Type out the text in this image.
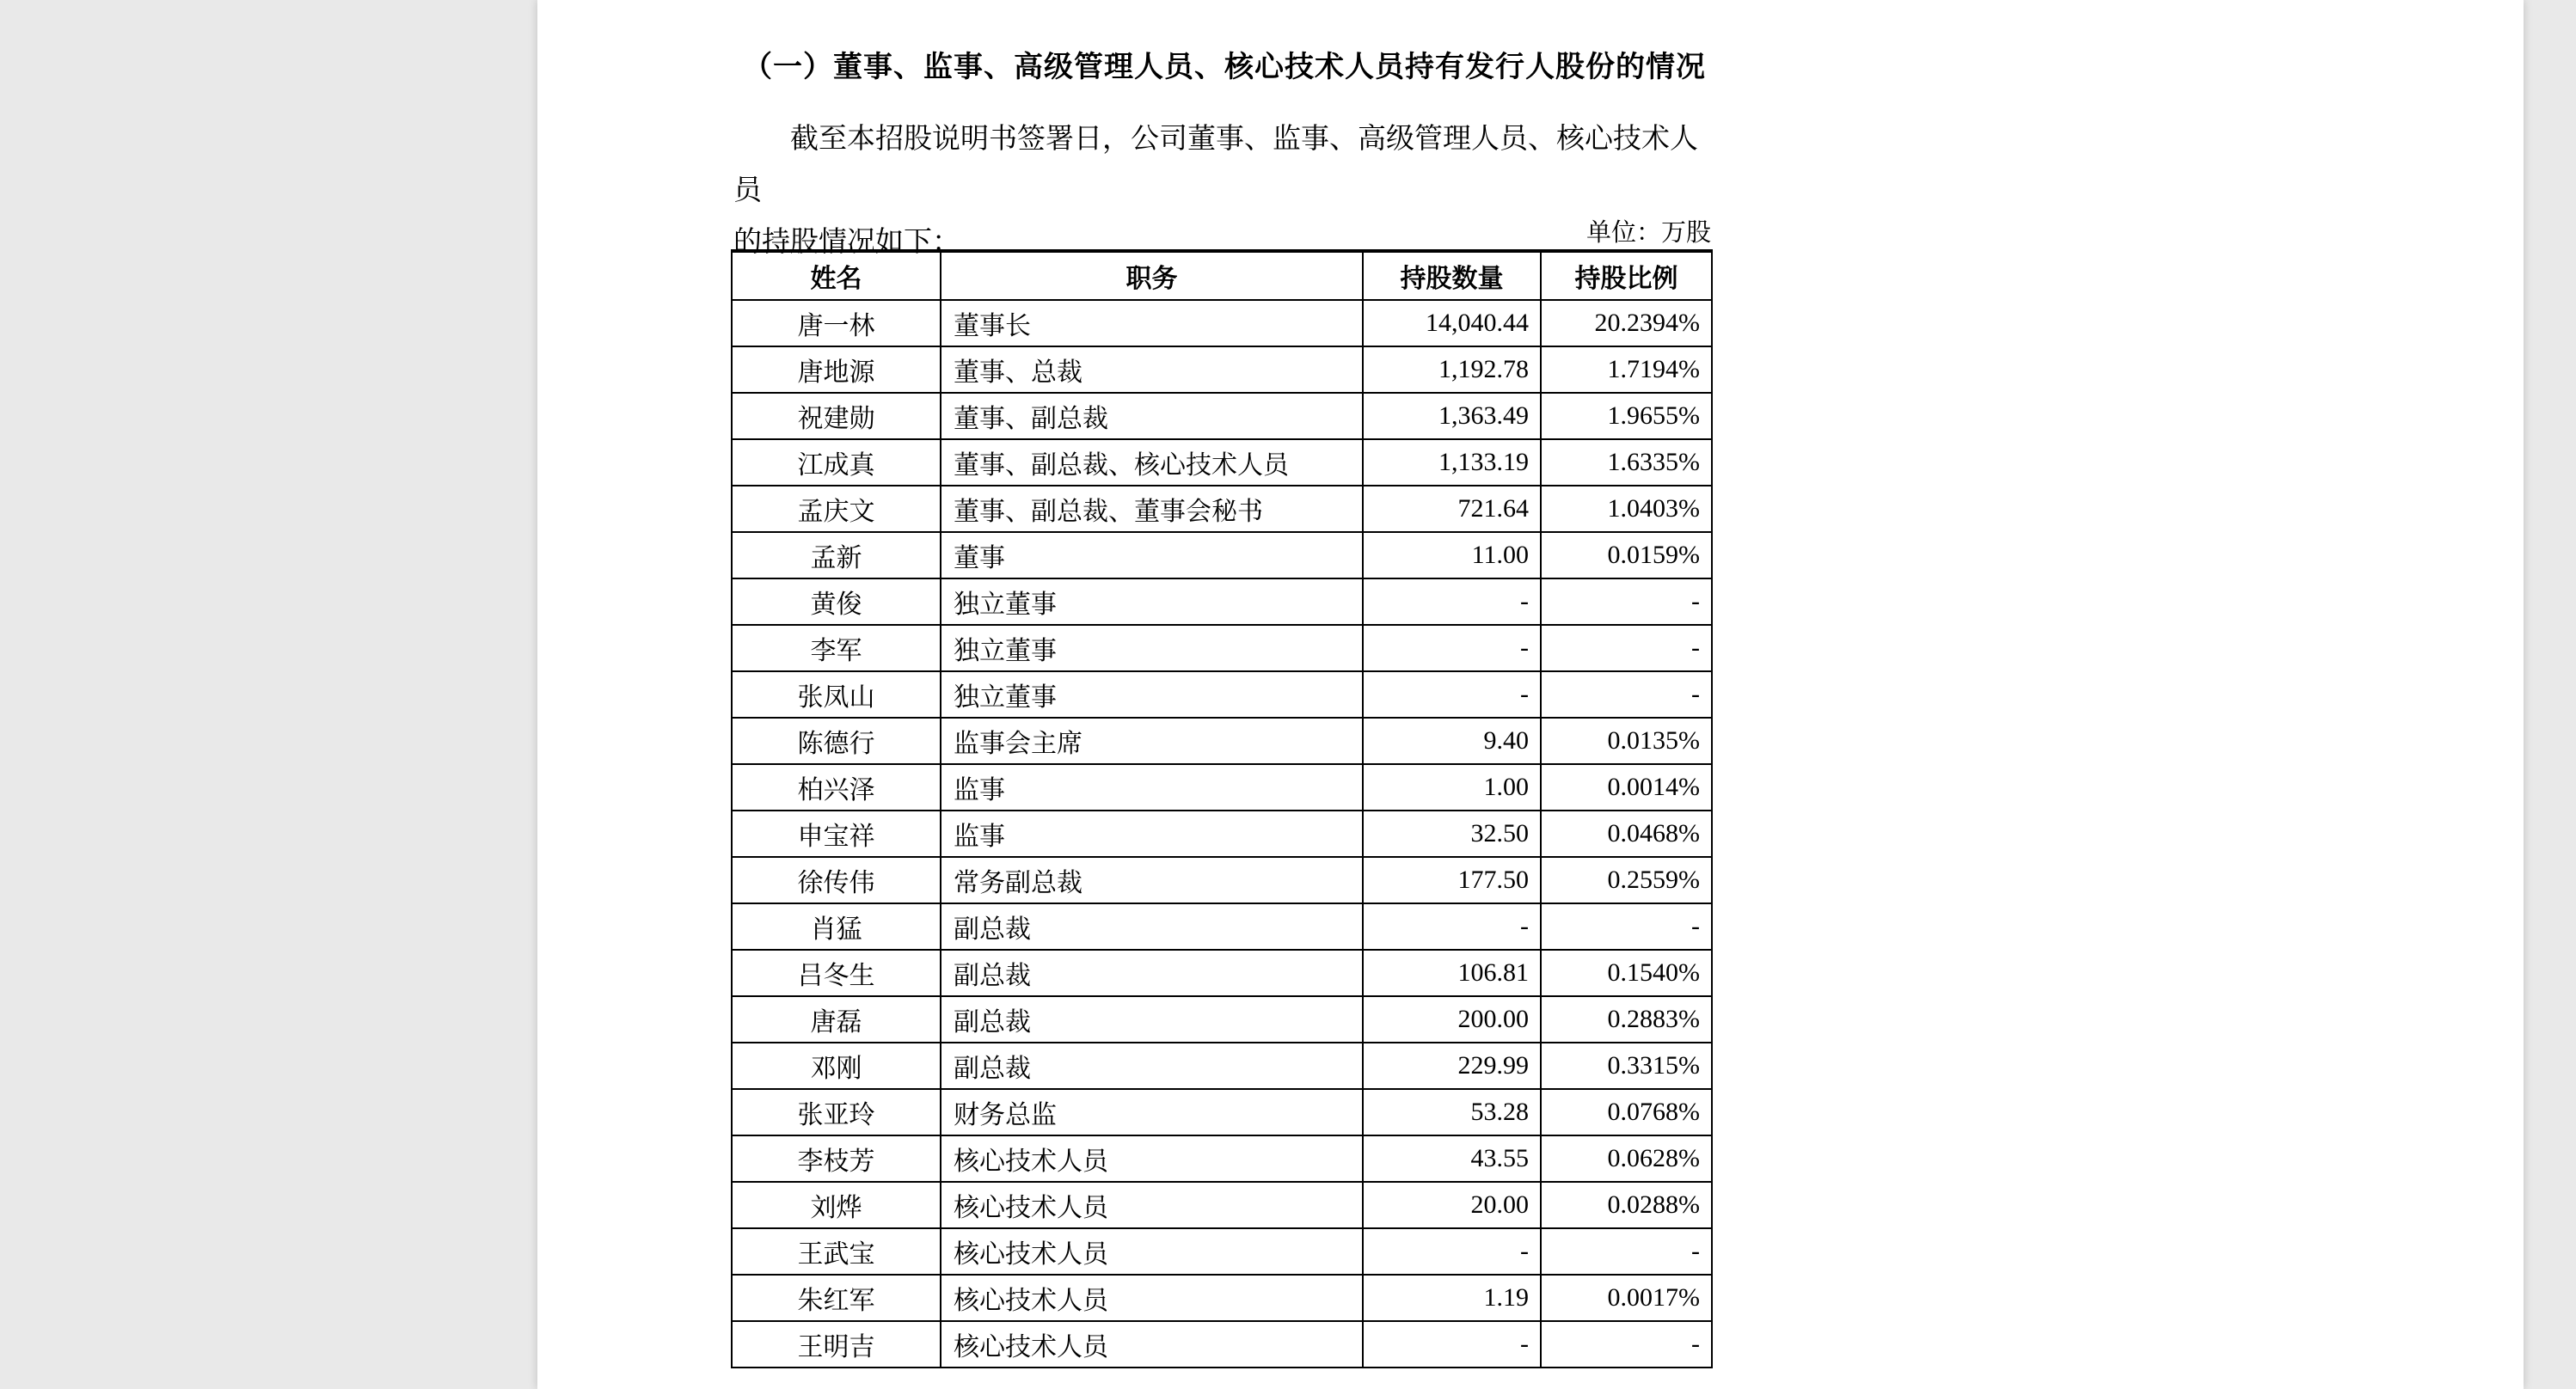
（一）董事、监事、高级管理人员、核心技术人员持有发行人股份的情况
截至本招股说明书签署日，公司董事、监事、高级管理人员、核心技术人员
的持股情况如下：	单位：万股
姓名	职务	持股数量	持股比例
唐一林	董事长	14,040.44	20.2394%
唐地源	董事、总裁	1,192.78	1.7194%
祝建勋	董事、副总裁	1,363.49	1.9655%
江成真	董事、副总裁、核心技术人员	1,133.19	1.6335%
孟庆文	董事、副总裁、董事会秘书	721.64	1.0403%
孟新	董事	11.00	0.0159%
黄俊	独立董事	-	-
李军	独立董事	-	-
张凤山	独立董事	-	-
陈德行	监事会主席	9.40	0.0135%
柏兴泽	监事	1.00	0.0014%
申宝祥	监事	32.50	0.0468%
徐传伟	常务副总裁	177.50	0.2559%
肖猛	副总裁	-	-
吕冬生	副总裁	106.81	0.1540%
唐磊	副总裁	200.00	0.2883%
邓刚	副总裁	229.99	0.3315%
张亚玲	财务总监	53.28	0.0768%
李枝芳	核心技术人员	43.55	0.0628%
刘烨	核心技术人员	20.00	0.0288%
王武宝	核心技术人员	-	-
朱红军	核心技术人员	1.19	0.0017%
王明吉	核心技术人员	-	-
